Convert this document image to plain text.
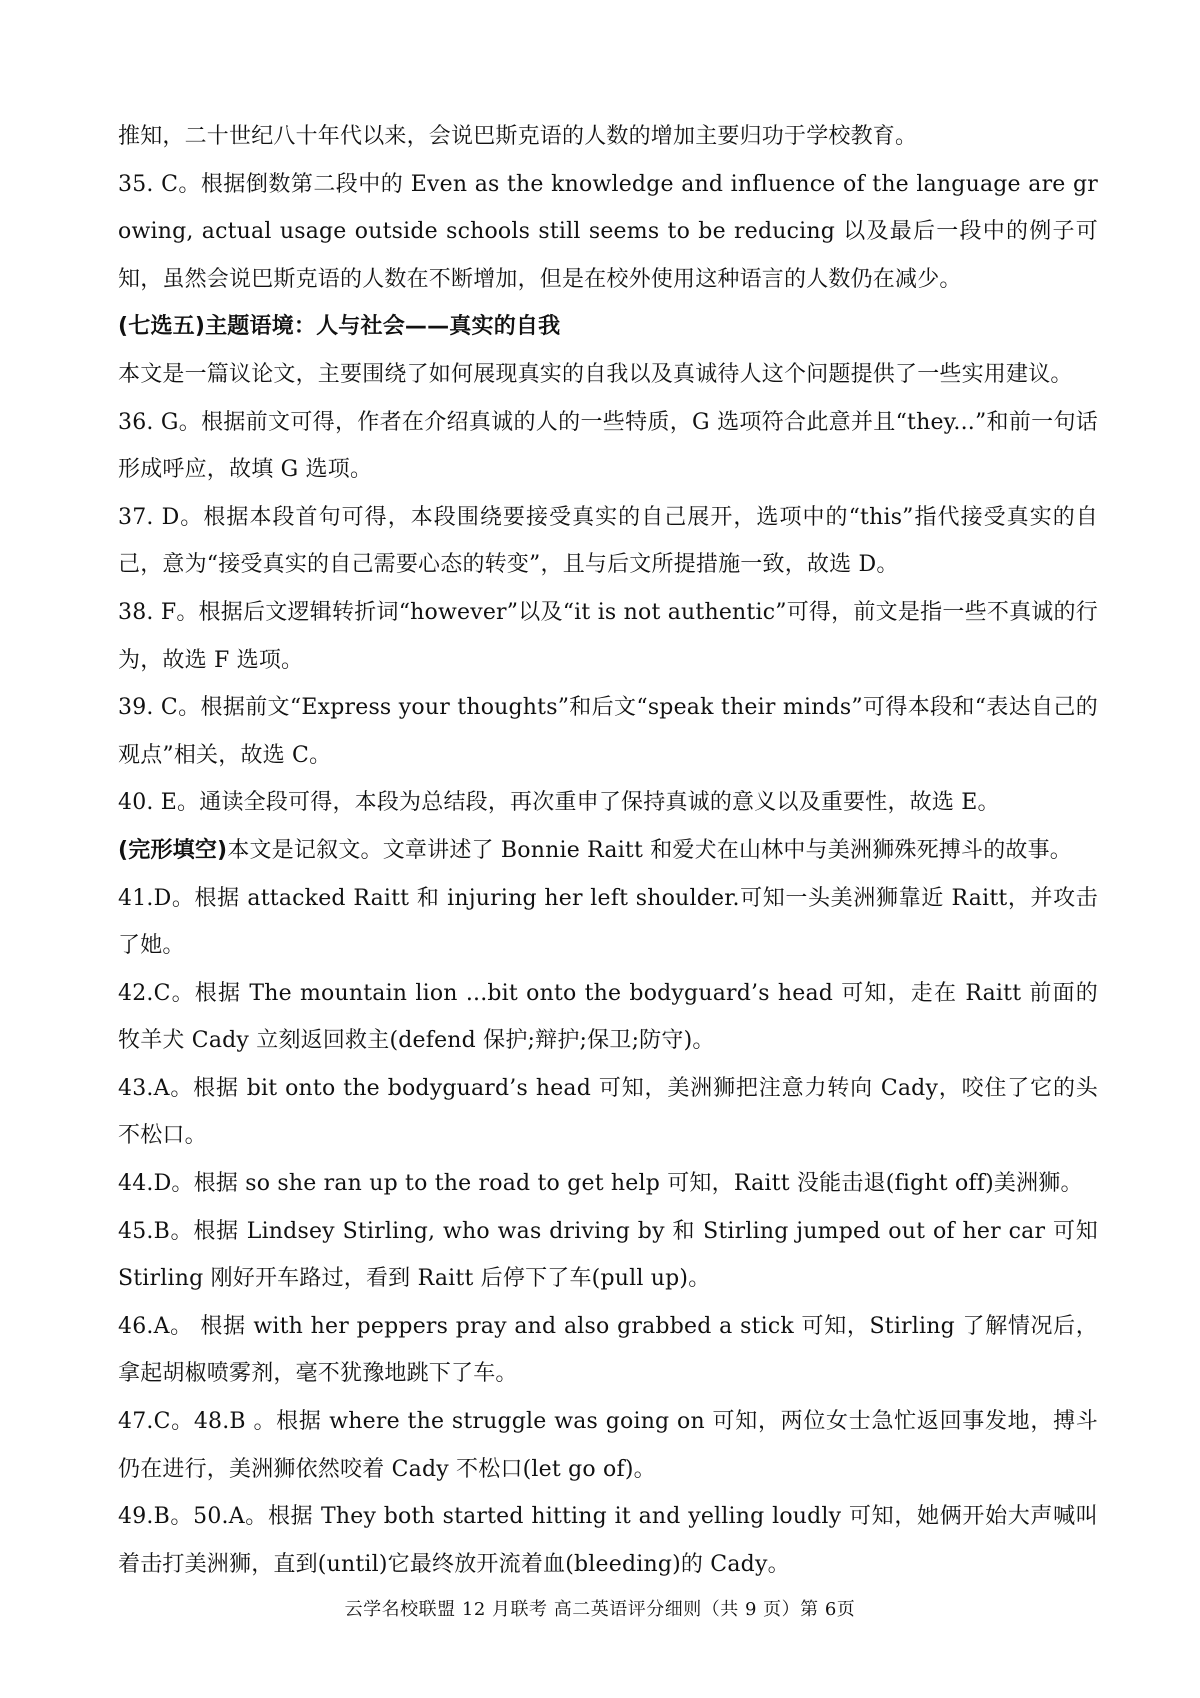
推知，二十世纪八十年代以来，会说巴斯克语的人数的增加主要归功于学校教育。

35. C。根据倒数第二段中的 Even as the knowledge and influence of the language are growing, actual usage outside schools still seems to be reducing 以及最后一段中的例子可知，虽然会说巴斯克语的人数在不断增加，但是在校外使用这种语言的人数仍在减少。

(七选五)主题语境：人与社会——真实的自我

本文是一篇议论文，主要围绕了如何展现真实的自我以及真诚待人这个问题提供了一些实用建议。

36. G。根据前文可得，作者在介绍真诚的人的一些特质，G 选项符合此意并且“they...”和前一句话形成呼应，故填 G 选项。

37. D。根据本段首句可得，本段围绕要接受真实的自己展开，选项中的“this”指代接受真实的自己，意为“接受真实的自己需要心态的转变”，且与后文所提措施一致，故选 D。

38. F。根据后文逻辑转折词“however”以及“it is not authentic”可得，前文是指一些不真诚的行为，故选 F 选项。

39. C。根据前文“Express your thoughts”和后文“speak their minds”可得本段和“表达自己的观点”相关，故选 C。

40. E。通读全段可得，本段为总结段，再次重申了保持真诚的意义以及重要性，故选 E。

(完形填空)本文是记叙文。文章讲述了 Bonnie Raitt 和爱犬在山林中与美洲狮殊死搏斗的故事。

41.D。根据 attacked Raitt 和 injuring her left shoulder.可知一头美洲狮靠近 Raitt，并攻击了她。

42.C。根据 The mountain lion ...bit onto the bodyguard’s head 可知，走在 Raitt 前面的牧羊犬 Cady 立刻返回救主(defend 保护;辩护;保卫;防守)。

43.A。根据 bit onto the bodyguard’s head 可知，美洲狮把注意力转向 Cady，咬住了它的头不松口。

44.D。根据 so she ran up to the road to get help 可知，Raitt 没能击退(fight off)美洲狮。

45.B。根据 Lindsey Stirling, who was driving by 和 Stirling jumped out of her car 可知 Stirling 刚好开车路过，看到 Raitt 后停下了车(pull up)。

46.A。 根据 with her peppers pray and also grabbed a stick 可知，Stirling 了解情况后，拿起胡椒喷雾剂，毫不犹豫地跳下了车。

47.C。48.B 。根据 where the struggle was going on 可知，两位女士急忙返回事发地，搏斗仍在进行，美洲狮依然咬着 Cady 不松口(let go of)。

49.B。50.A。根据 They both started hitting it and yelling loudly 可知，她俩开始大声喊叫着击打美洲狮，直到(until)它最终放开流着血(bleeding)的 Cady。

云学名校联盟 12 月联考 高二英语评分细则（共 9 页）第 6页
